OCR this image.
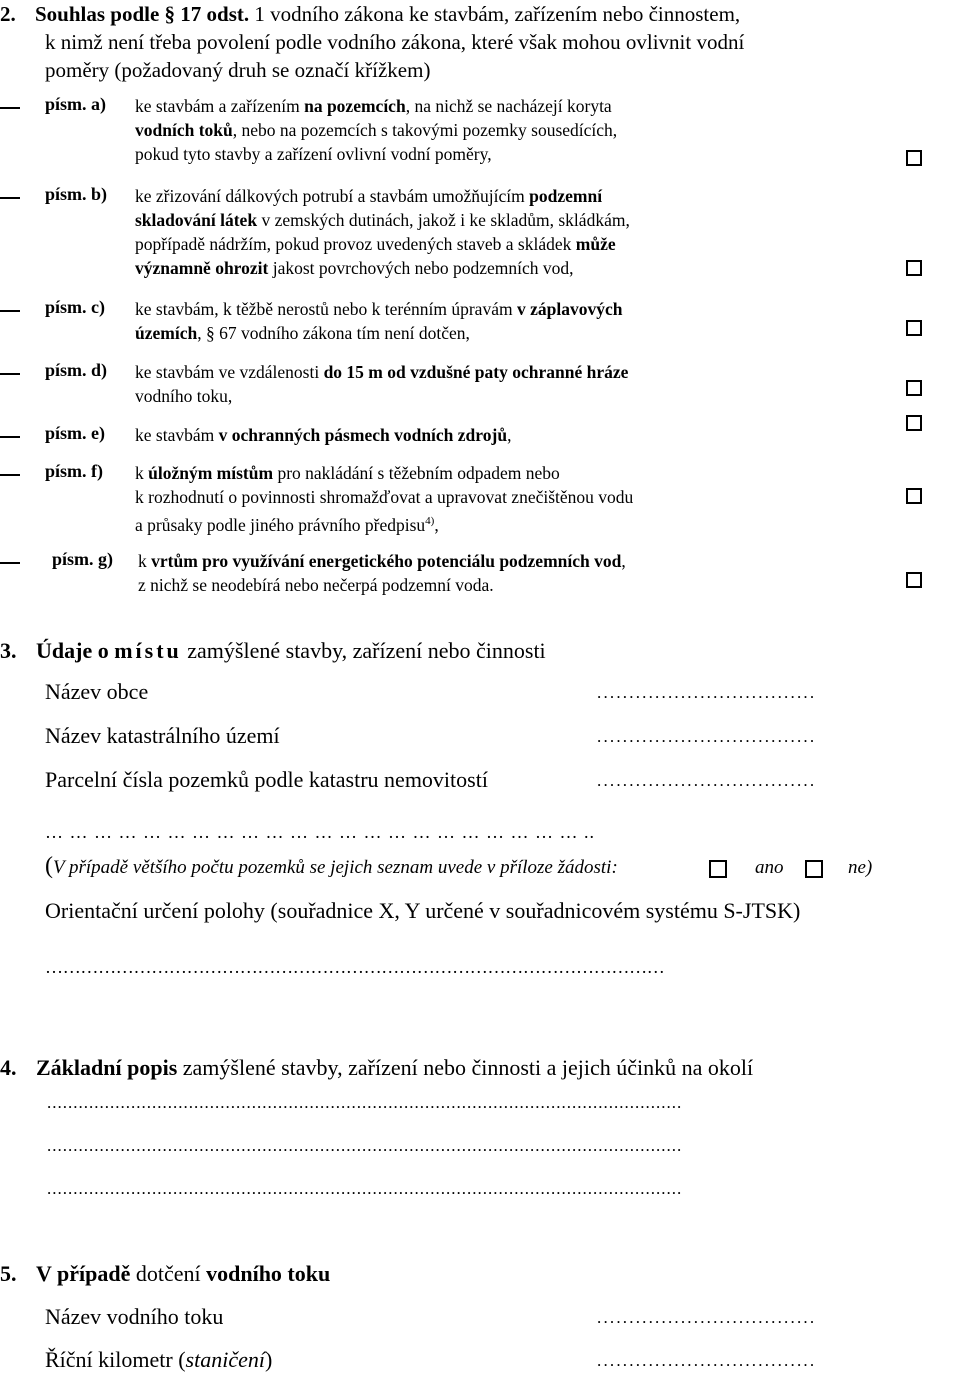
2. Souhlas podle § 17 odst. 1 vodního zákona ke stavbám, zařízením nebo činnostem,
k nimž není třeba povolení podle vodního zákona, které však mohou ovlivnit vodní
poměry (požadovaný druh se označí křížkem)
písm. a) ke stavbám a zařízením na pozemcích, na nichž se nacházejí koryta
vodních toků, nebo na pozemcích s takovými pozemky sousedících,
pokud tyto stavby a zařízení ovlivní vodní poměry,
písm. b) ke zřizování dálkových potrubí a stavbám umožňujícím podzemní
skladování látek v zemských dutinách, jakož i ke skladům, skládkám,
popřípadě nádržím, pokud provoz uvedených staveb a skládek může
významně ohrozit jakost povrchových nebo podzemních vod,
písm. c) ke stavbám, k těžbě nerostů nebo k terénním úpravám v záplavových
územích, § 67 vodního zákona tím není dotčen,
písm. d) ke stavbám ve vzdálenosti do 15 m od vzdušné paty ochranné hráze
vodního toku,
písm. e) ke stavbám v ochranných pásmech vodních zdrojů,
písm. f) k úložným místům pro nakládání s těžebním odpadem nebo
k rozhodnutí o povinnosti shromažďovat a upravovat znečištěnou vodu
a průsaky podle jiného právního předpisu$^{4)}$,
písm. g) k vrtům pro využívání energetického potenciálu podzemních vod,
z nichž se neodebírá nebo nečerpá podzemní voda.
3. Údaje o místu zamýšlené stavby, zařízení nebo činnosti
Název obce	..................................
Název katastrálního území	..................................
Parcelní čísla pozemků podle katastru nemovitostí	..................................
… … … … … … … … … … … … … … … … … … … … … … ..
(V případě většího počtu pozemků se jejich seznam uvede v příloze žádosti:	ano	ne)
Orientační určení polohy (souřadnice X, Y určené v souřadnicovém systému S-JTSK)
……………………………………………………………………………………………
4. Základní popis zamýšlené stavby, zařízení nebo činnosti a jejich účinků na okolí
.........................................................................................................................
.........................................................................................................................
.........................................................................................................................
5. V případě dotčení vodního toku
Název vodního toku	..................................
Říční kilometr (staničení)	..................................
